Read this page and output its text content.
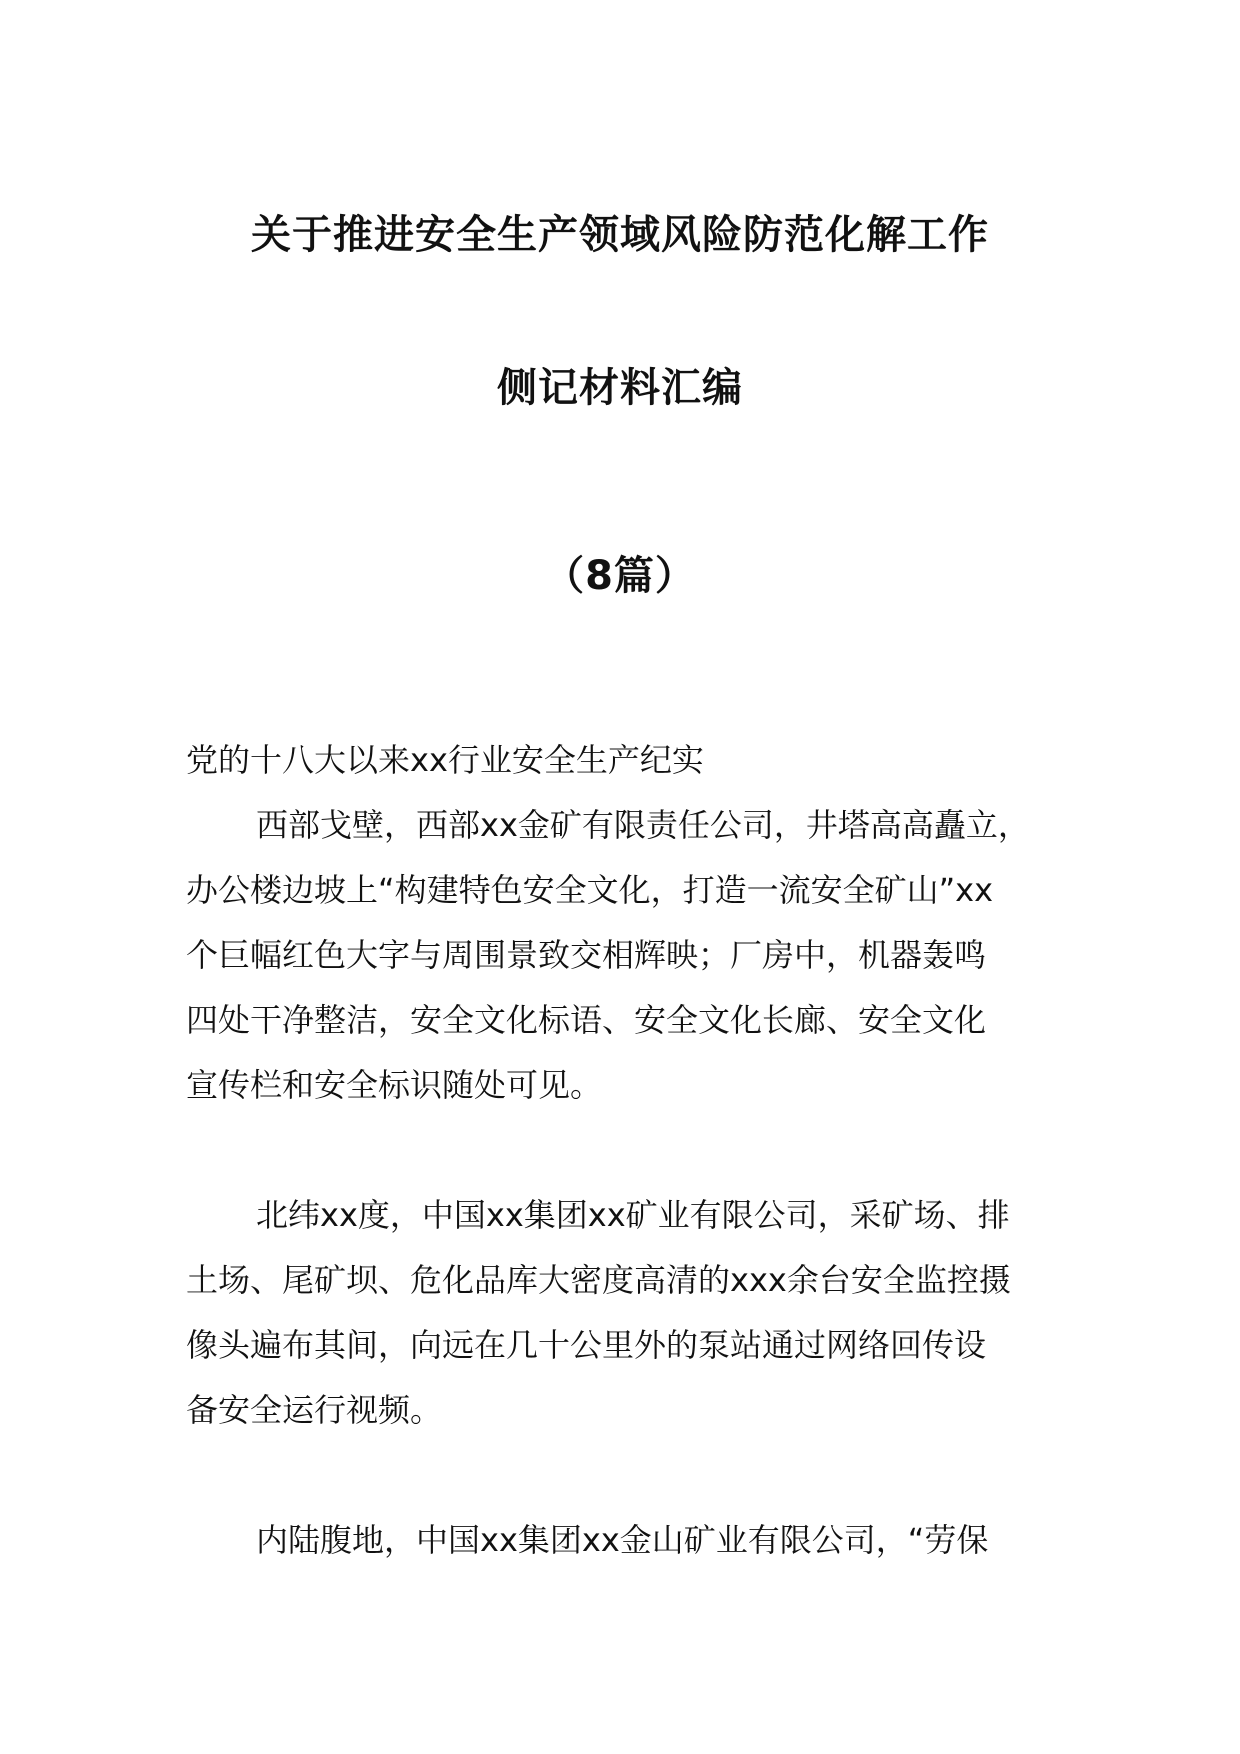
关于推进安全生产领域风险防范化解工作
侧记材料汇编
（8篇）
党的十八大以来xx行业安全生产纪实
西部戈壁，西部xx金矿有限责任公司，井塔高高矗立，
办公楼边坡上“构建特色安全文化，打造一流安全矿山”xx
个巨幅红色大字与周围景致交相辉映；厂房中，机器轰鸣
四处干净整洁，安全文化标语、安全文化长廊、安全文化
宣传栏和安全标识随处可见。
北纬xx度，中国xx集团xx矿业有限公司，采矿场、排
土场、尾矿坝、危化品库大密度高清的xxx余台安全监控摄
像头遍布其间，向远在几十公里外的泵站通过网络回传设
备安全运行视频。
内陆腹地，中国xx集团xx金山矿业有限公司，“劳保
